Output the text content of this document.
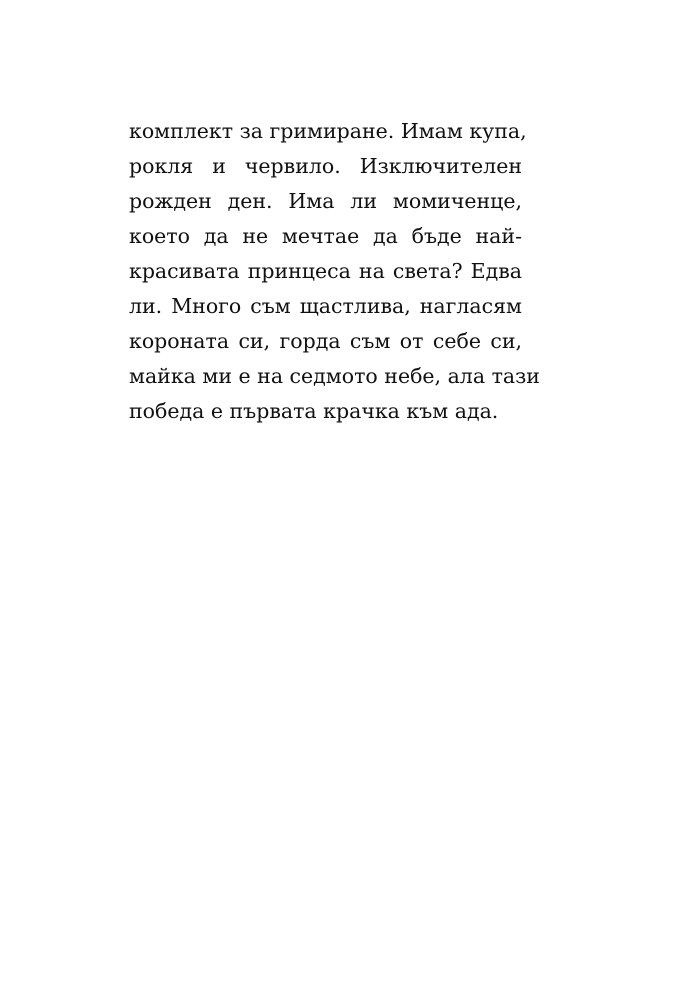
комплект за гримиране. Имам купа,
рокля и червило. Изключителен
рожден ден. Има ли момиченце,
което да не мечтае да бъде най-
красивата принцеса на света? Едва
ли. Много съм щастлива, нагласям
короната си, горда съм от себе си,
майка ми е на седмото небе, ала тази
победа е първата крачка към ада.
